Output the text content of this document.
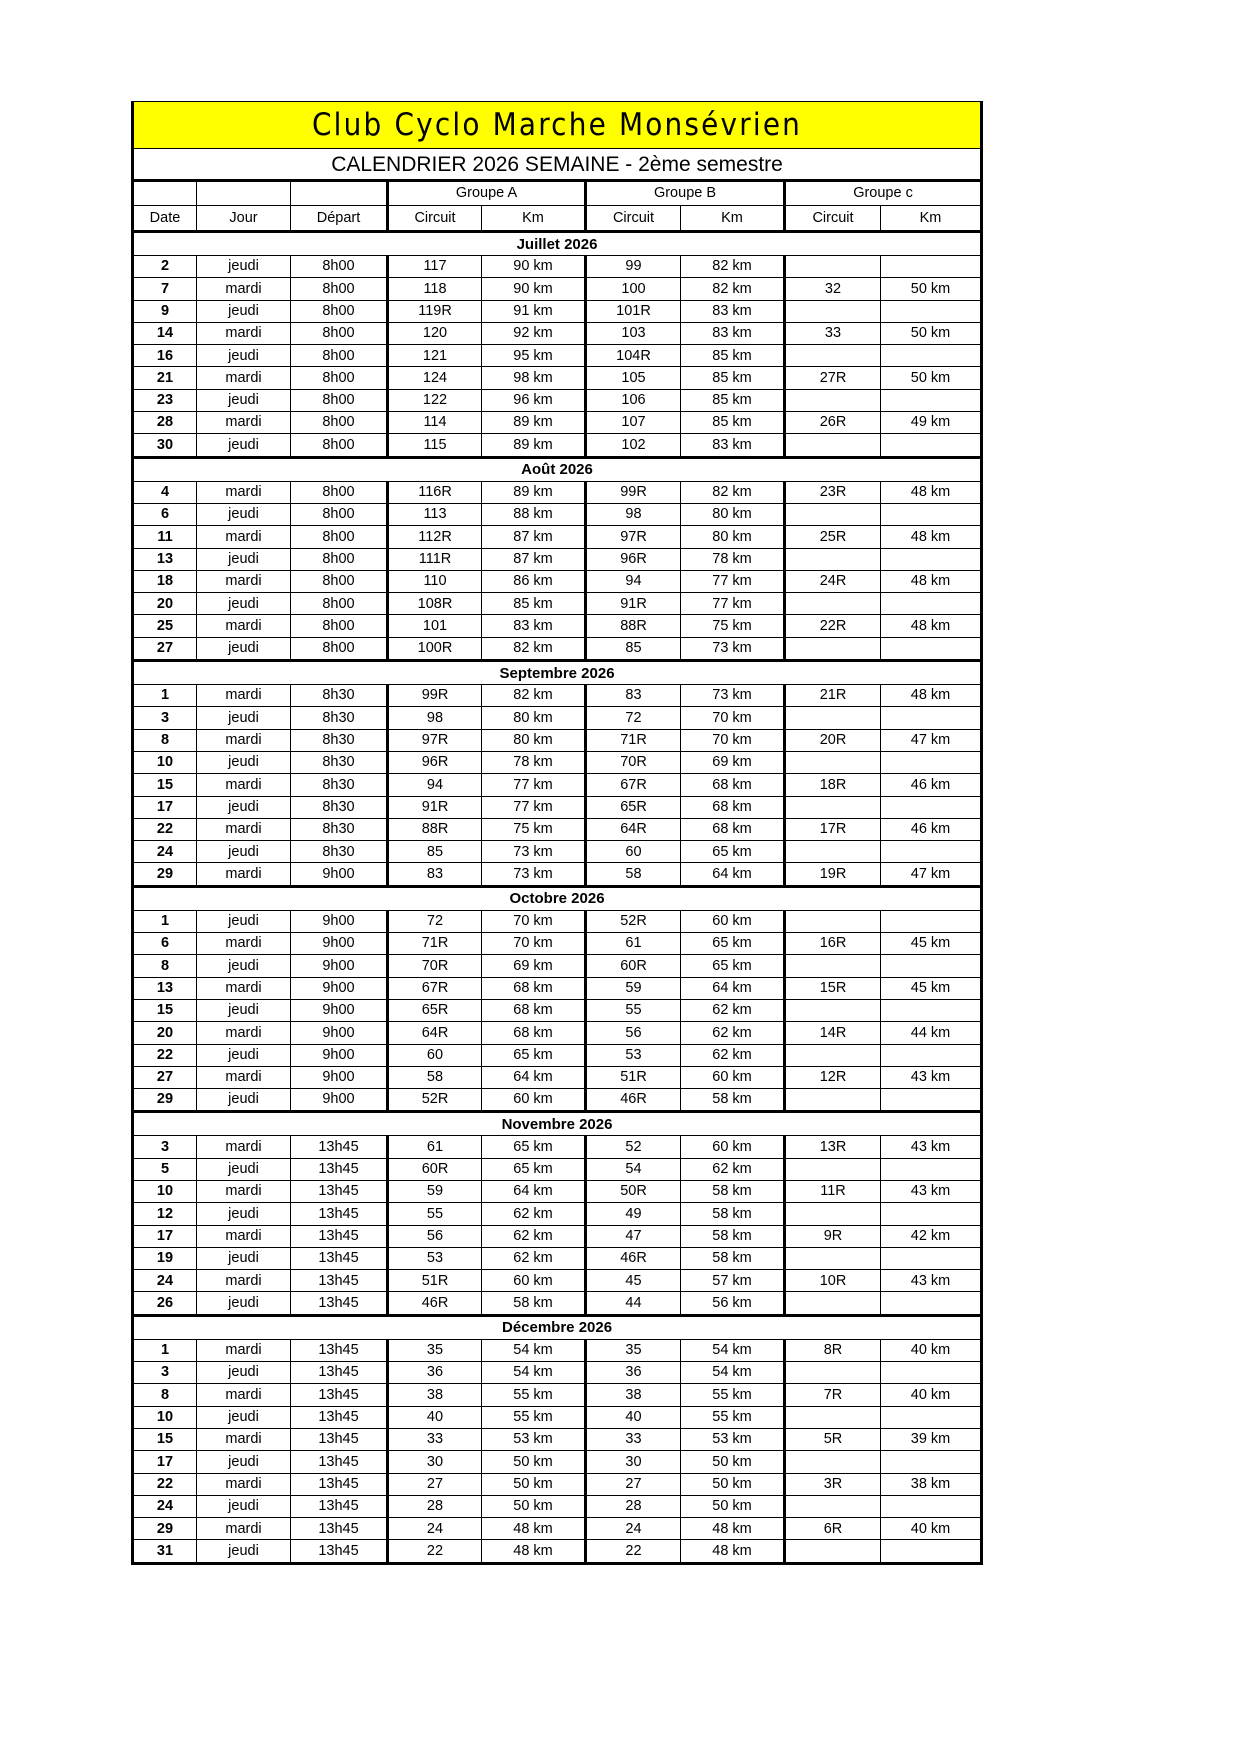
Club Cyclo Marche Monsévrien								
CALENDRIER 2026 SEMAINE - 2ème semestre								
			Groupe A		Groupe B		Groupe c	
Date	Jour	Départ	Circuit	Km	Circuit	Km	Circuit	Km
Juillet 2026								
2	jeudi	8h00	117	90 km	99	82 km		
7	mardi	8h00	118	90 km	100	82 km	32	50 km
9	jeudi	8h00	119R	91 km	101R	83 km		
14	mardi	8h00	120	92 km	103	83 km	33	50 km
16	jeudi	8h00	121	95 km	104R	85 km		
21	mardi	8h00	124	98 km	105	85 km	27R	50 km
23	jeudi	8h00	122	96 km	106	85 km		
28	mardi	8h00	114	89 km	107	85 km	26R	49 km
30	jeudi	8h00	115	89 km	102	83 km		
Août 2026								
4	mardi	8h00	116R	89 km	99R	82 km	23R	48 km
6	jeudi	8h00	113	88 km	98	80 km		
11	mardi	8h00	112R	87 km	97R	80 km	25R	48 km
13	jeudi	8h00	111R	87 km	96R	78 km		
18	mardi	8h00	110	86 km	94	77 km	24R	48 km
20	jeudi	8h00	108R	85 km	91R	77 km		
25	mardi	8h00	101	83 km	88R	75 km	22R	48 km
27	jeudi	8h00	100R	82 km	85	73 km		
Septembre 2026								
1	mardi	8h30	99R	82 km	83	73 km	21R	48 km
3	jeudi	8h30	98	80 km	72	70 km		
8	mardi	8h30	97R	80 km	71R	70 km	20R	47 km
10	jeudi	8h30	96R	78 km	70R	69 km		
15	mardi	8h30	94	77 km	67R	68 km	18R	46 km
17	jeudi	8h30	91R	77 km	65R	68 km		
22	mardi	8h30	88R	75 km	64R	68 km	17R	46 km
24	jeudi	8h30	85	73 km	60	65 km		
29	mardi	9h00	83	73 km	58	64 km	19R	47 km
Octobre 2026								
1	jeudi	9h00	72	70 km	52R	60 km		
6	mardi	9h00	71R	70 km	61	65 km	16R	45 km
8	jeudi	9h00	70R	69 km	60R	65 km		
13	mardi	9h00	67R	68 km	59	64 km	15R	45 km
15	jeudi	9h00	65R	68 km	55	62 km		
20	mardi	9h00	64R	68 km	56	62 km	14R	44 km
22	jeudi	9h00	60	65 km	53	62 km		
27	mardi	9h00	58	64 km	51R	60 km	12R	43 km
29	jeudi	9h00	52R	60 km	46R	58 km		
Novembre 2026								
3	mardi	13h45	61	65 km	52	60 km	13R	43 km
5	jeudi	13h45	60R	65 km	54	62 km		
10	mardi	13h45	59	64 km	50R	58 km	11R	43 km
12	jeudi	13h45	55	62 km	49	58 km		
17	mardi	13h45	56	62 km	47	58 km	9R	42 km
19	jeudi	13h45	53	62 km	46R	58 km		
24	mardi	13h45	51R	60 km	45	57 km	10R	43 km
26	jeudi	13h45	46R	58 km	44	56 km		
Décembre 2026								
1	mardi	13h45	35	54 km	35	54 km	8R	40 km
3	jeudi	13h45	36	54 km	36	54 km		
8	mardi	13h45	38	55 km	38	55 km	7R	40 km
10	jeudi	13h45	40	55 km	40	55 km		
15	mardi	13h45	33	53 km	33	53 km	5R	39 km
17	jeudi	13h45	30	50 km	30	50 km		
22	mardi	13h45	27	50 km	27	50 km	3R	38 km
24	jeudi	13h45	28	50 km	28	50 km		
29	mardi	13h45	24	48 km	24	48 km	6R	40 km
31	jeudi	13h45	22	48 km	22	48 km		
